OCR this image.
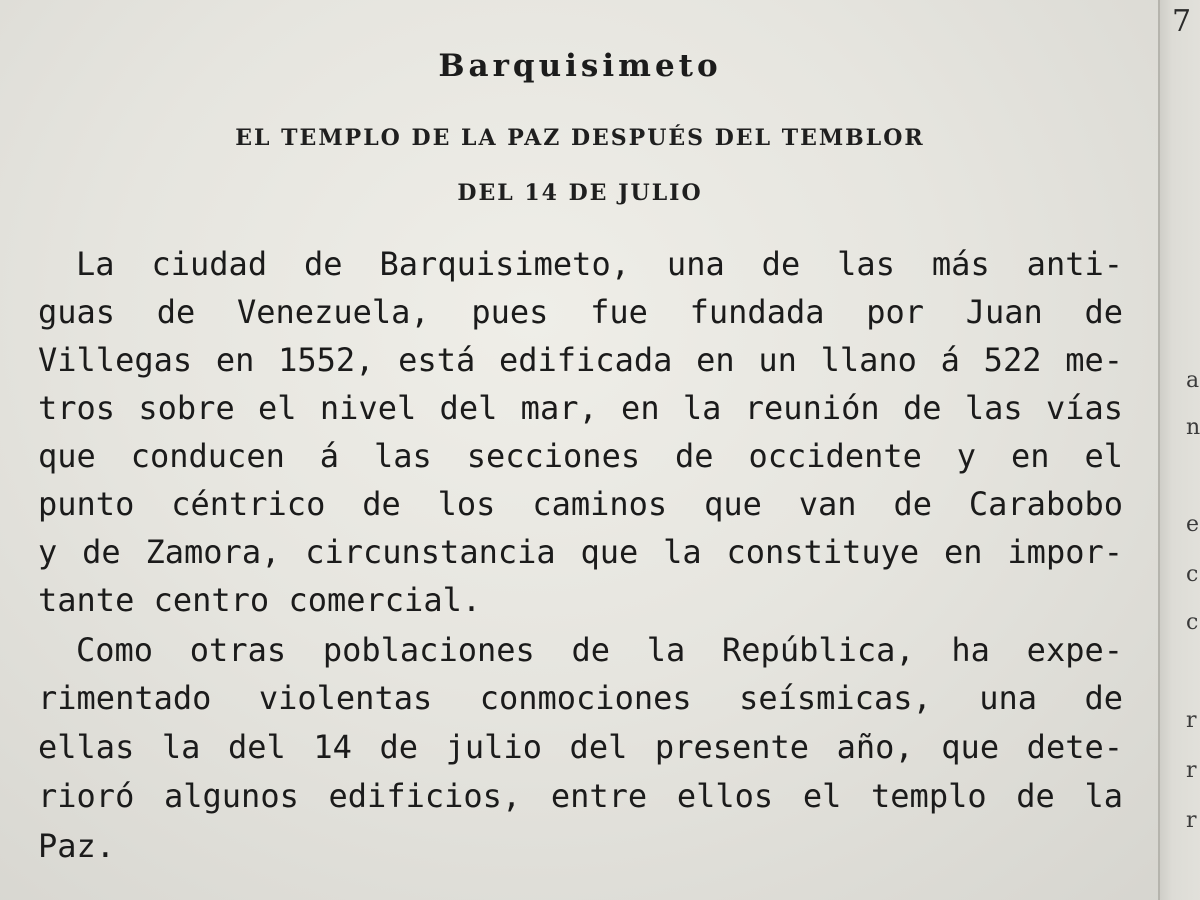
7
a
n
e
c
c
r
r
r
Barquisimeto
EL TEMPLO DE LA PAZ DESPUÉS DEL TEMBLOR
DEL 14 DE JULIO
La ciudad de Barquisimeto, una de las más anti-
guas de Venezuela, pues fue fundada por Juan de
Villegas en 1552, está edificada en un llano á 522 me-
tros sobre el nivel del mar, en la reunión de las vías
que conducen á las secciones de occidente y en el
punto céntrico de los caminos que van de Carabobo
y de Zamora, circunstancia que la constituye en impor-
tante centro comercial.
Como otras poblaciones de la República, ha expe-
rimentado violentas conmociones seísmicas, una de
ellas la del 14 de julio del presente año, que dete-
rioró algunos edificios, entre ellos el templo de la
Paz.
